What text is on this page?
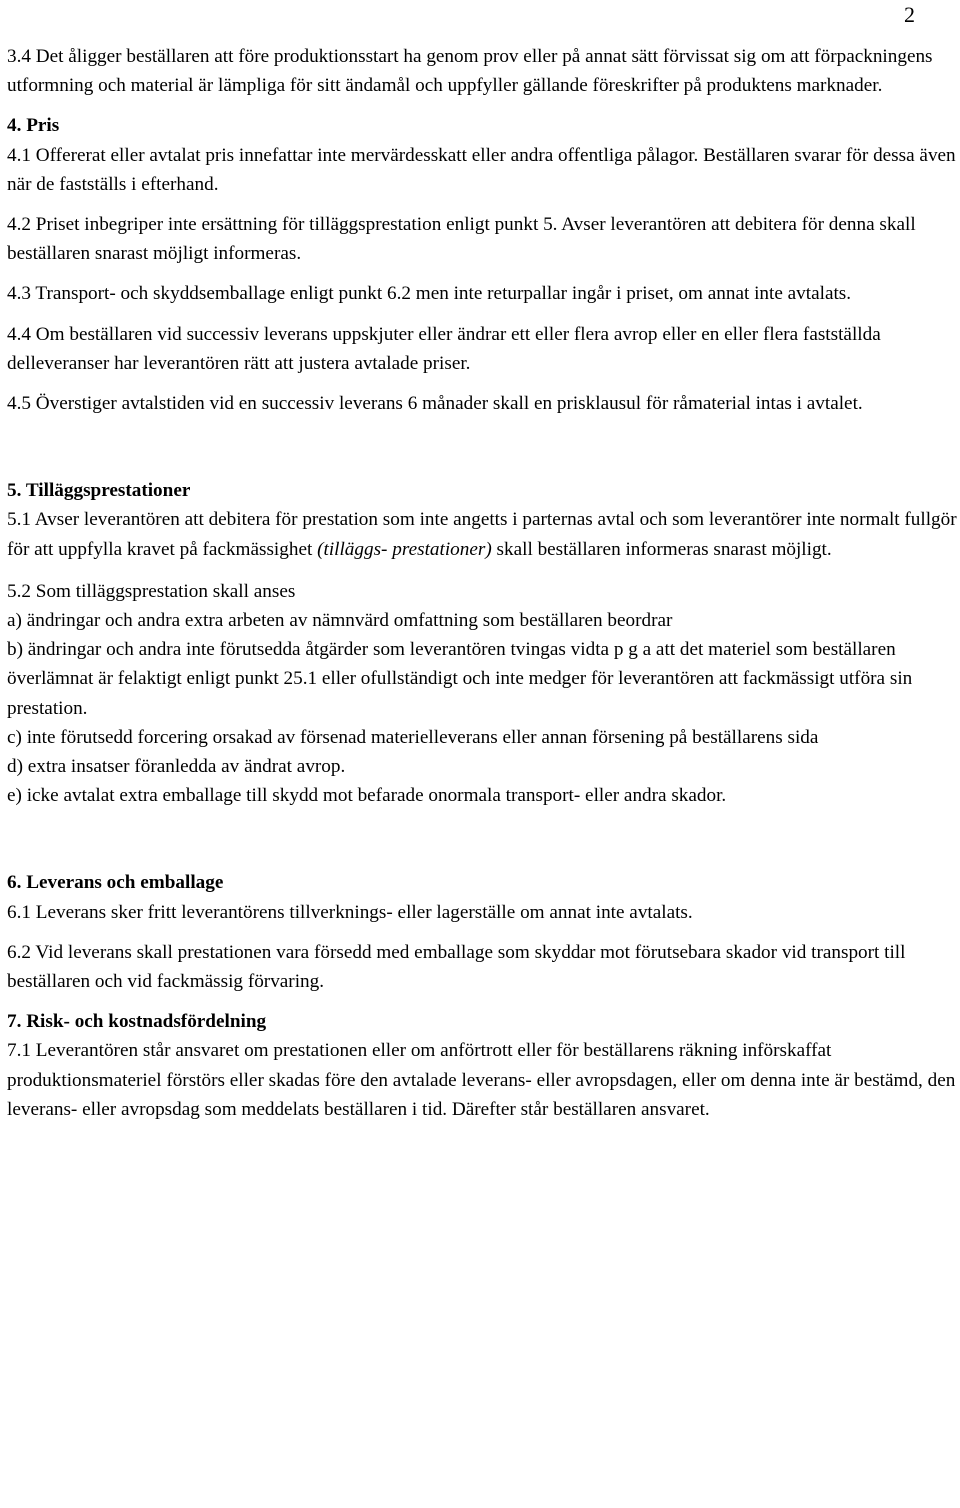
2

3.4 Det åligger beställaren att före produktionsstart ha genom prov eller på annat sätt förvissat sig om att förpackningens utformning och material är lämpliga för sitt ändamål och uppfyller gällande föreskrifter på produktens marknader.

4. Pris

4.1 Offererat eller avtalat pris innefattar inte mervärdesskatt eller andra offentliga pålagor. Beställaren svarar för dessa även när de fastställs i efterhand.

4.2 Priset inbegriper inte ersättning för tilläggsprestation enligt punkt 5. Avser leverantören att debitera för denna skall beställaren snarast möjligt informeras.

4.3 Transport- och skyddsemballage enligt punkt 6.2 men inte returpallar ingår i priset, om annat inte avtalats.

4.4 Om beställaren vid successiv leverans uppskjuter eller ändrar ett eller flera avrop eller en eller flera fastställda delleveranser har leverantören rätt att justera avtalade priser.

4.5 Överstiger avtalstiden vid en successiv leverans 6 månader skall en prisklausul för råmaterial intas i avtalet.

5. Tilläggsprestationer

5.1 Avser leverantören att debitera för prestation som inte angetts i parternas avtal och som leverantörer inte normalt fullgör för att uppfylla kravet på fackmässighet (tilläggs- prestationer) skall beställaren informeras snarast möjligt.

5.2 Som tilläggsprestation skall anses

a) ändringar och andra extra arbeten av nämnvärd omfattning som beställaren beordrar

b) ändringar och andra inte förutsedda åtgärder som leverantören tvingas vidta p g a att det materiel som beställaren överlämnat är felaktigt enligt punkt 25.1 eller ofullständigt och inte medger för leverantören att fackmässigt utföra sin prestation.

c) inte förutsedd forcering orsakad av försenad materielleverans eller annan försening på beställarens sida

d) extra insatser föranledda av ändrat avrop.

e) icke avtalat extra emballage till skydd mot befarade onormala transport- eller andra skador.

6. Leverans och emballage

6.1 Leverans sker fritt leverantörens tillverknings- eller lagerställe om annat inte avtalats.

6.2 Vid leverans skall prestationen vara försedd med emballage som skyddar mot förutsebara skador vid transport till beställaren och vid fackmässig förvaring.

7. Risk- och kostnadsfördelning

7.1 Leverantören står ansvaret om prestationen eller om anförtrott eller för beställarens räkning införskaffat produktionsmateriel förstörs eller skadas före den avtalade leverans- eller avropsdagen, eller om denna inte är bestämd, den leverans- eller avropsdag som meddelats beställaren i tid. Därefter står beställaren ansvaret.
